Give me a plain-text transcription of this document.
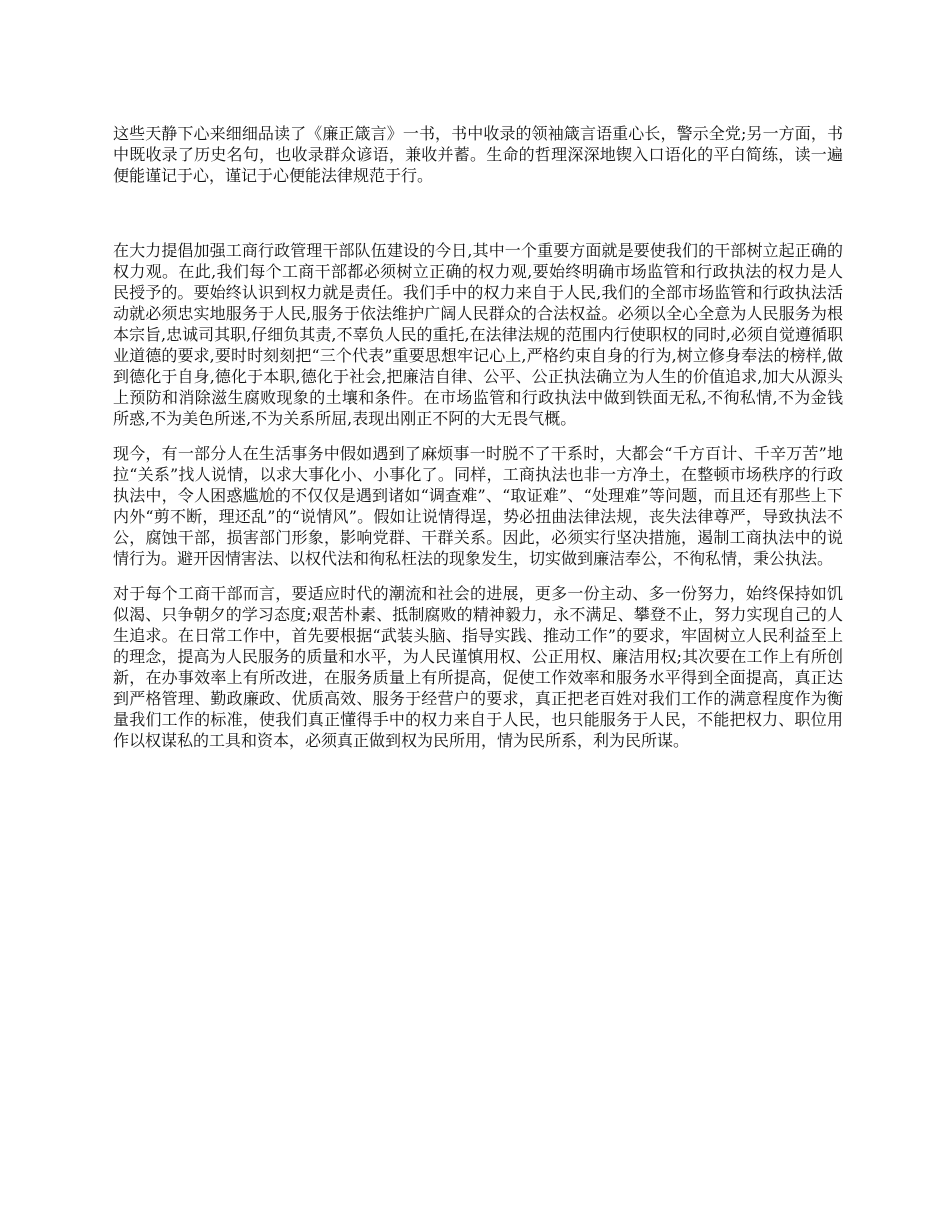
这些天静下心来细细品读了《廉正箴言》一书，书中收录的领袖箴言语重心长，警示全党;另一方面，书中既收录了历史名句，也收录群众谚语，兼收并蓄。生命的哲理深深地锲入口语化的平白简练，读一遍便能谨记于心，谨记于心便能法律规范于行。

在大力提倡加强工商行政管理干部队伍建设的今日,其中一个重要方面就是要使我们的干部树立起正确的权力观。在此,我们每个工商干部都必须树立正确的权力观,要始终明确市场监管和行政执法的权力是人民授予的。要始终认识到权力就是责任。我们手中的权力来自于人民,我们的全部市场监管和行政执法活动就必须忠实地服务于人民,服务于依法维护广阔人民群众的合法权益。必须以全心全意为人民服务为根本宗旨,忠诚司其职,仔细负其责,不辜负人民的重托,在法律法规的范围内行使职权的同时,必须自觉遵循职业道德的要求,要时时刻刻把“三个代表”重要思想牢记心上,严格约束自身的行为,树立修身奉法的榜样,做到德化于自身,德化于本职,德化于社会,把廉洁自律、公平、公正执法确立为人生的价值追求,加大从源头上预防和消除滋生腐败现象的土壤和条件。在市场监管和行政执法中做到铁面无私,不徇私情,不为金钱所惑,不为美色所迷,不为关系所屈,表现出刚正不阿的大无畏气概。

现今，有一部分人在生活事务中假如遇到了麻烦事一时脱不了干系时，大都会“千方百计、千辛万苦”地拉“关系”找人说情，以求大事化小、小事化了。同样，工商执法也非一方净土，在整顿市场秩序的行政执法中，令人困惑尴尬的不仅仅是遇到诸如“调查难”、“取证难”、“处理难”等问题，而且还有那些上下内外“剪不断，理还乱”的“说情风”。假如让说情得逞，势必扭曲法律法规，丧失法律尊严，导致执法不公，腐蚀干部，损害部门形象，影响党群、干群关系。因此，必须实行坚决措施，遏制工商执法中的说情行为。避开因情害法、以权代法和徇私枉法的现象发生，切实做到廉洁奉公，不徇私情，秉公执法。

对于每个工商干部而言，要适应时代的潮流和社会的进展，更多一份主动、多一份努力，始终保持如饥似渴、只争朝夕的学习态度;艰苦朴素、抵制腐败的精神毅力，永不满足、攀登不止，努力实现自己的人生追求。在日常工作中，首先要根据“武装头脑、指导实践、推动工作”的要求，牢固树立人民利益至上的理念，提高为人民服务的质量和水平，为人民谨慎用权、公正用权、廉洁用权;其次要在工作上有所创新，在办事效率上有所改进，在服务质量上有所提高，促使工作效率和服务水平得到全面提高，真正达到严格管理、勤政廉政、优质高效、服务于经营户的要求，真正把老百姓对我们工作的满意程度作为衡量我们工作的标准，使我们真正懂得手中的权力来自于人民，也只能服务于人民，不能把权力、职位用作以权谋私的工具和资本，必须真正做到权为民所用，情为民所系，利为民所谋。
